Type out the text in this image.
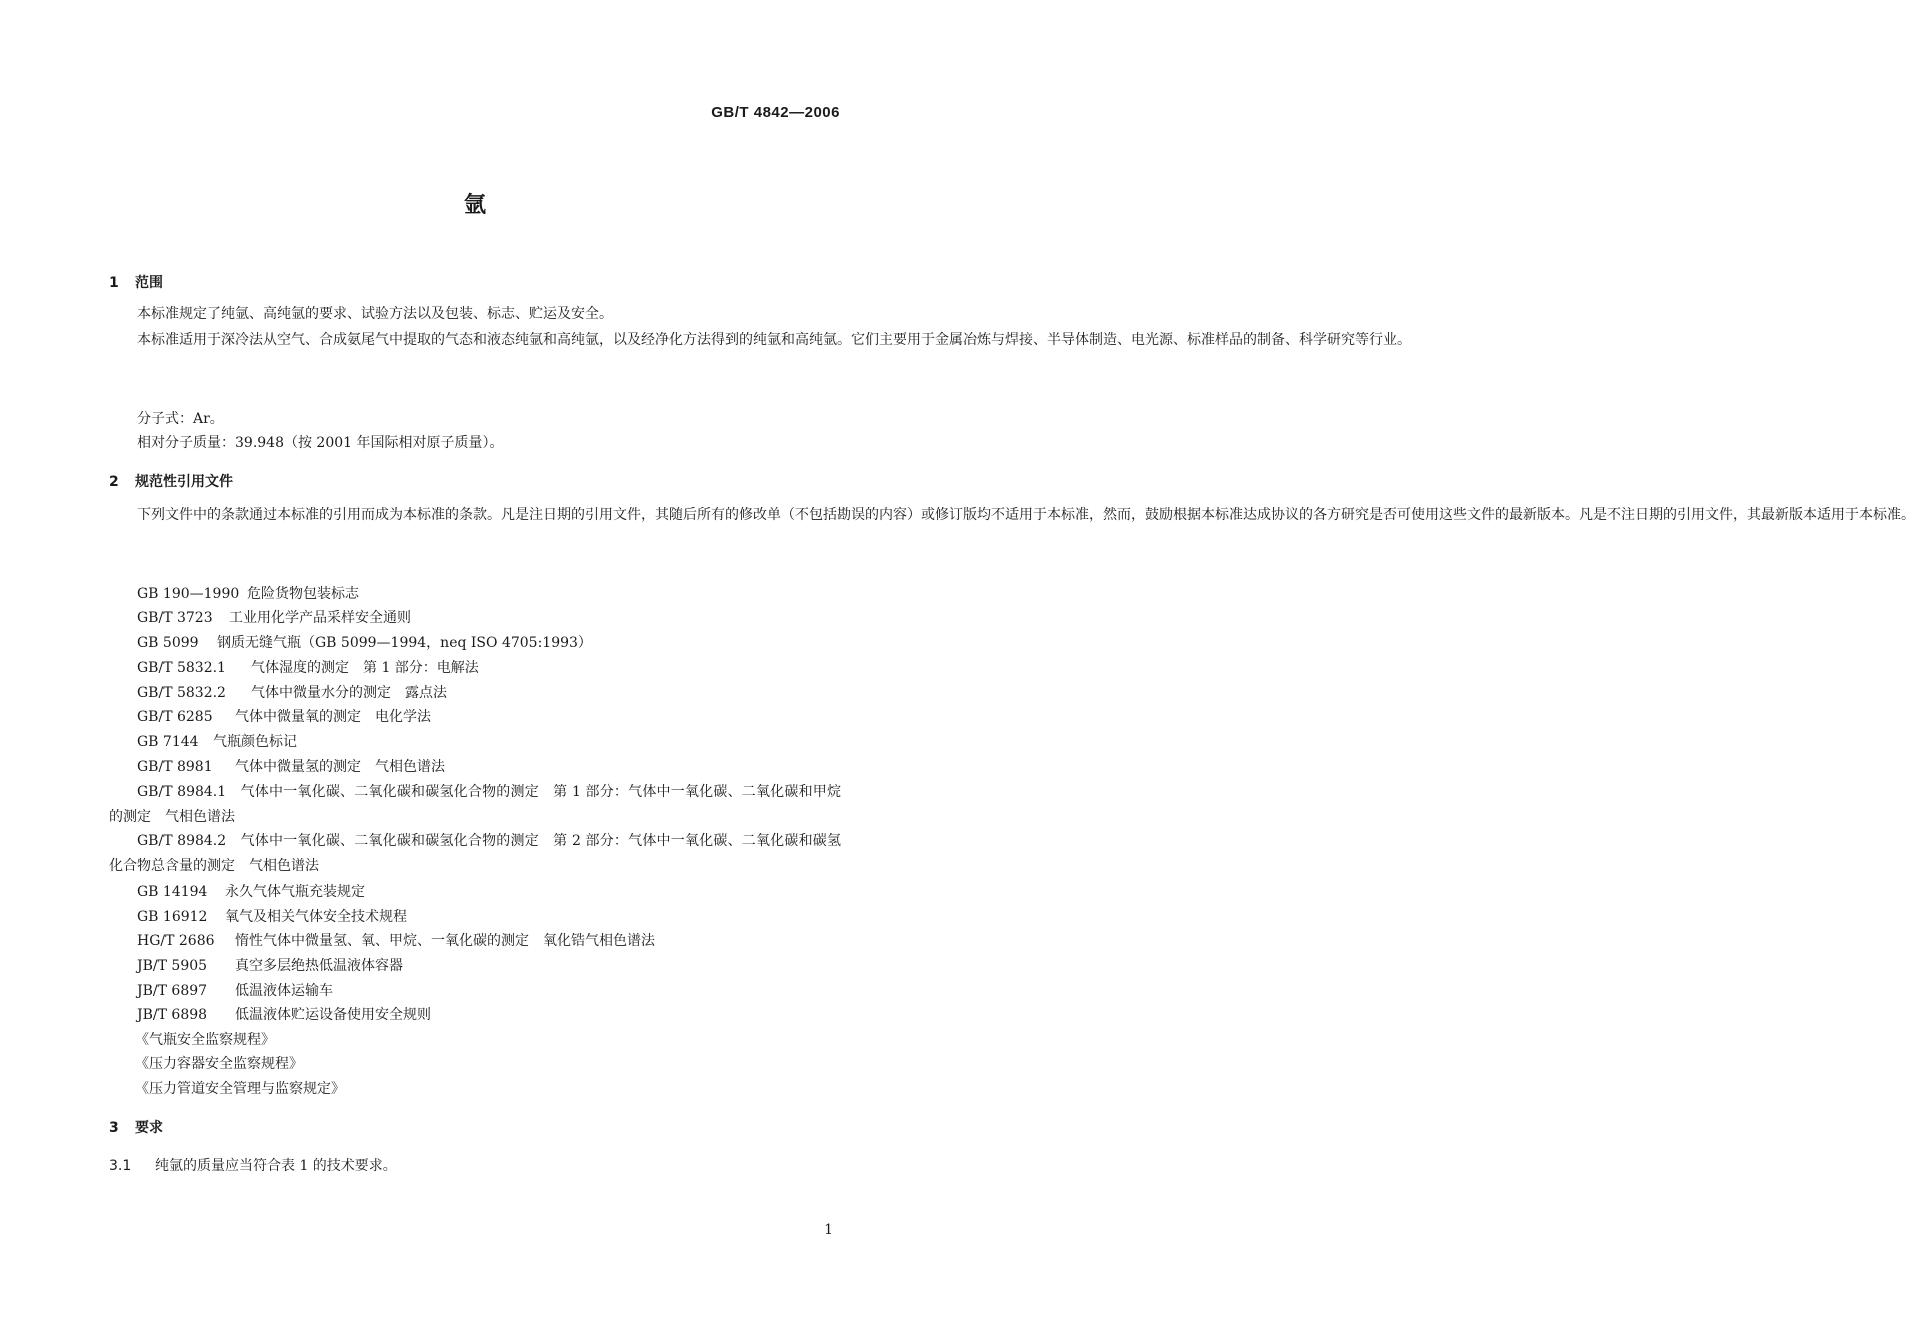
GB/T 4842—2006
氩
1 范围
本标准规定了纯氩、高纯氩的要求、试验方法以及包装、标志、贮运及安全。
本标准适用于深冷法从空气、合成氨尾气中提取的气态和液态纯氩和高纯氩，以及经净化方法得到的纯氩和高纯氩。它们主要用于金属冶炼与焊接、半导体制造、电光源、标准样品的制备、科学研究等行业。
分子式：Ar。
相对分子质量：39.948（按 2001 年国际相对原子质量）。
2 规范性引用文件
下列文件中的条款通过本标准的引用而成为本标准的条款。凡是注日期的引用文件，其随后所有的修改单（不包括勘误的内容）或修订版均不适用于本标准，然而，鼓励根据本标准达成协议的各方研究是否可使用这些文件的最新版本。凡是不注日期的引用文件，其最新版本适用于本标准。
GB 190—1990 危险货物包装标志
GB/T 3723 工业用化学产品采样安全通则
GB 5099 钢质无缝气瓶（GB 5099—1994，neq ISO 4705:1993）
GB/T 5832.1 气体湿度的测定　第 1 部分：电解法
GB/T 5832.2 气体中微量水分的测定　露点法
GB/T 6285 气体中微量氧的测定　电化学法
GB 7144 气瓶颜色标记
GB/T 8981 气体中微量氢的测定　气相色谱法
GB/T 8984.1　 气体中一氧化碳、二氧化碳和碳氢化合物的测定　第 1 部分：气体中一氧化碳、二氧化碳和甲烷的测定　气相色谱法
GB/T 8984.2　 气体中一氧化碳、二氧化碳和碳氢化合物的测定　第 2 部分：气体中一氧化碳、二氧化碳和碳氢化合物总含量的测定　气相色谱法
GB 14194 永久气体气瓶充装规定
GB 16912 氧气及相关气体安全技术规程
HG/T 2686 惰性气体中微量氢、氧、甲烷、一氧化碳的测定　氧化锆气相色谱法
JB/T 5905 真空多层绝热低温液体容器
JB/T 6897 低温液体运输车
JB/T 6898 低温液体贮运设备使用安全规则
《气瓶安全监察规程》
《压力容器安全监察规程》
《压力管道安全管理与监察规定》
3 要求
3.1 纯氩的质量应当符合表 1 的技术要求。
1
